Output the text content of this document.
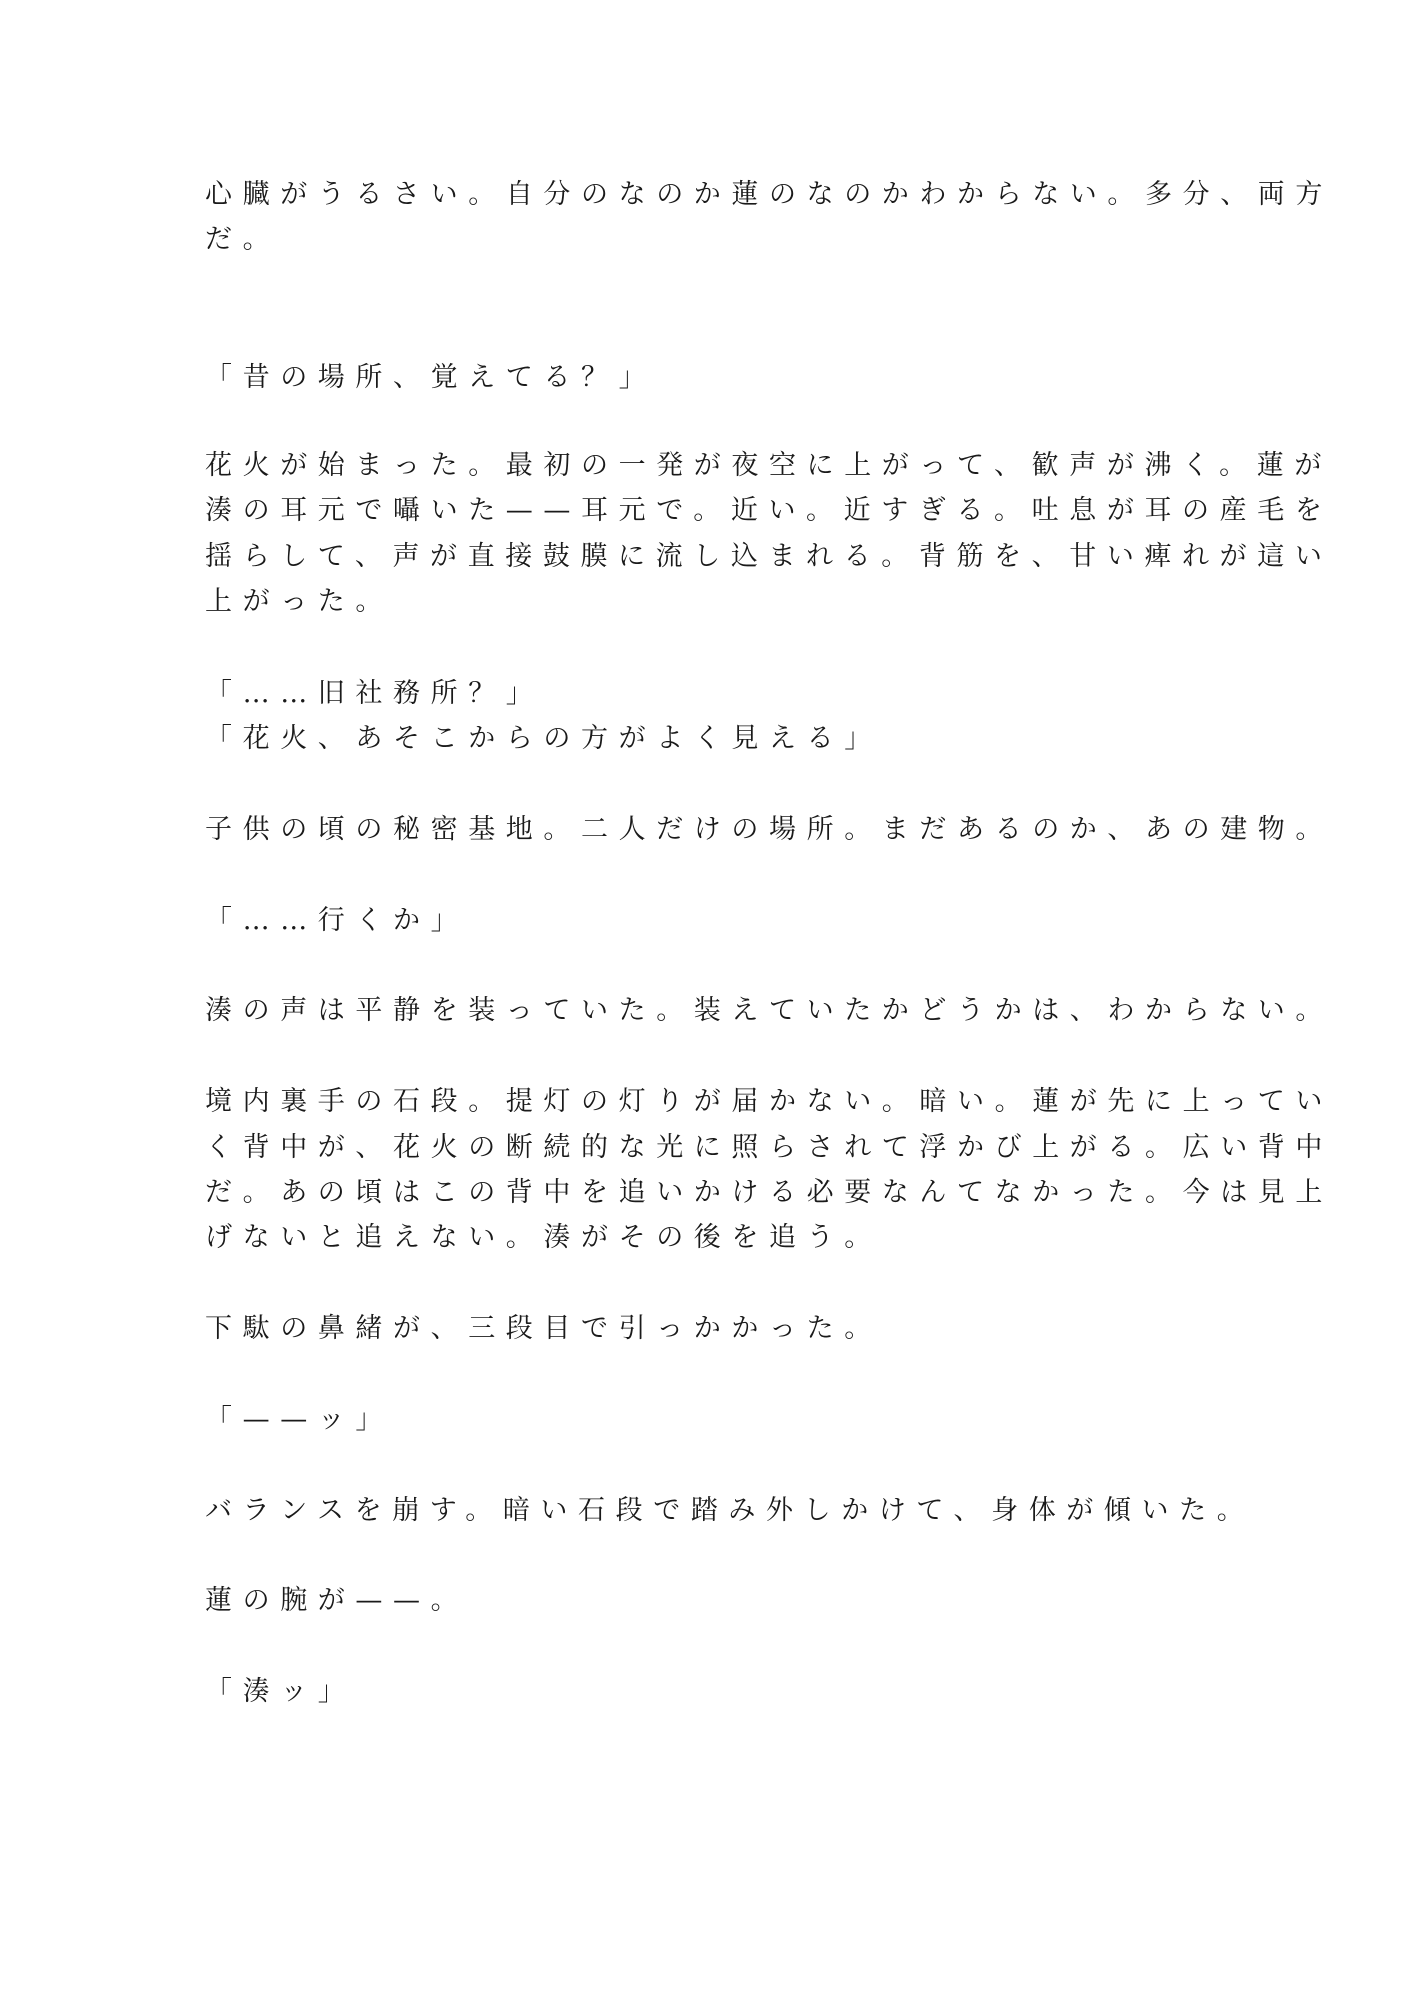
心臓がうるさい。自分のなのか蓮のなのかわからない。多分、両方

だ。

「昔の場所、覚えてる？」

花火が始まった。最初の一発が夜空に上がって、歓声が沸く。蓮が

湊の耳元で囁いた——耳元で。近い。近すぎる。吐息が耳の産毛を

揺らして、声が直接鼓膜に流し込まれる。背筋を、甘い痺れが這い

上がった。

「……旧社務所？」

「花火、あそこからの方がよく見える」

子供の頃の秘密基地。二人だけの場所。まだあるのか、あの建物。

「……行くか」

湊の声は平静を装っていた。装えていたかどうかは、わからない。

境内裏手の石段。提灯の灯りが届かない。暗い。蓮が先に上ってい

く背中が、花火の断続的な光に照らされて浮かび上がる。広い背中

だ。あの頃はこの背中を追いかける必要なんてなかった。今は見上

げないと追えない。湊がその後を追う。

下駄の鼻緒が、三段目で引っかかった。

「——ッ」

バランスを崩す。暗い石段で踏み外しかけて、身体が傾いた。

蓮の腕が——。

「湊ッ」
